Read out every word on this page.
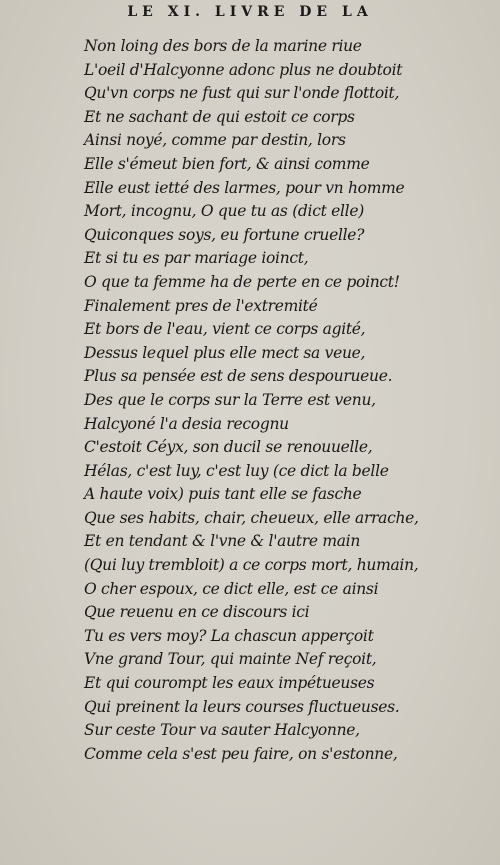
LE XI. LIVRE DE LA
Non loing des bors de la marine riue
L'oeil d'Halcyonne adonc plus ne doubtoit
Qu'vn corps ne fust qui sur l'onde flottoit,
Et ne sachant de qui estoit ce corps
Ainsi noyé, comme par destin, lors
Elle s'émeut bien fort, & ainsi comme
Elle eust ietté des larmes, pour vn homme
Mort, incognu, O que tu as (dict elle)
Quiconques soys, eu fortune cruelle?
Et si tu es par mariage ioinct,
O que ta femme ha de perte en ce poinct!
Finalement pres de l'extremité
Et bors de l'eau, vient ce corps agité,
Dessus lequel plus elle mect sa veue,
Plus sa pensée est de sens despourueue.
Des que le corps sur la Terre est venu,
Halcyoné l'a desia recognu
C'estoit Céyx, son ducil se renouuelle,
Hélas, c'est luy, c'est luy (ce dict la belle
A haute voix) puis tant elle se fasche
Que ses habits, chair, cheueux, elle arrache,
Et en tendant & l'vne & l'autre main
(Qui luy trembloit) a ce corps mort, humain,
O cher espoux, ce dict elle, est ce ainsi
Que reuenu en ce discours ici
Tu es vers moy? La chascun apperçoit
Vne grand Tour, qui mainte Nef reçoit,
Et qui courompt les eaux impétueuses
Qui preinent la leurs courses fluctueuses.
Sur ceste Tour va sauter Halcyonne,
Comme cela s'est peu faire, on s'estonne,
